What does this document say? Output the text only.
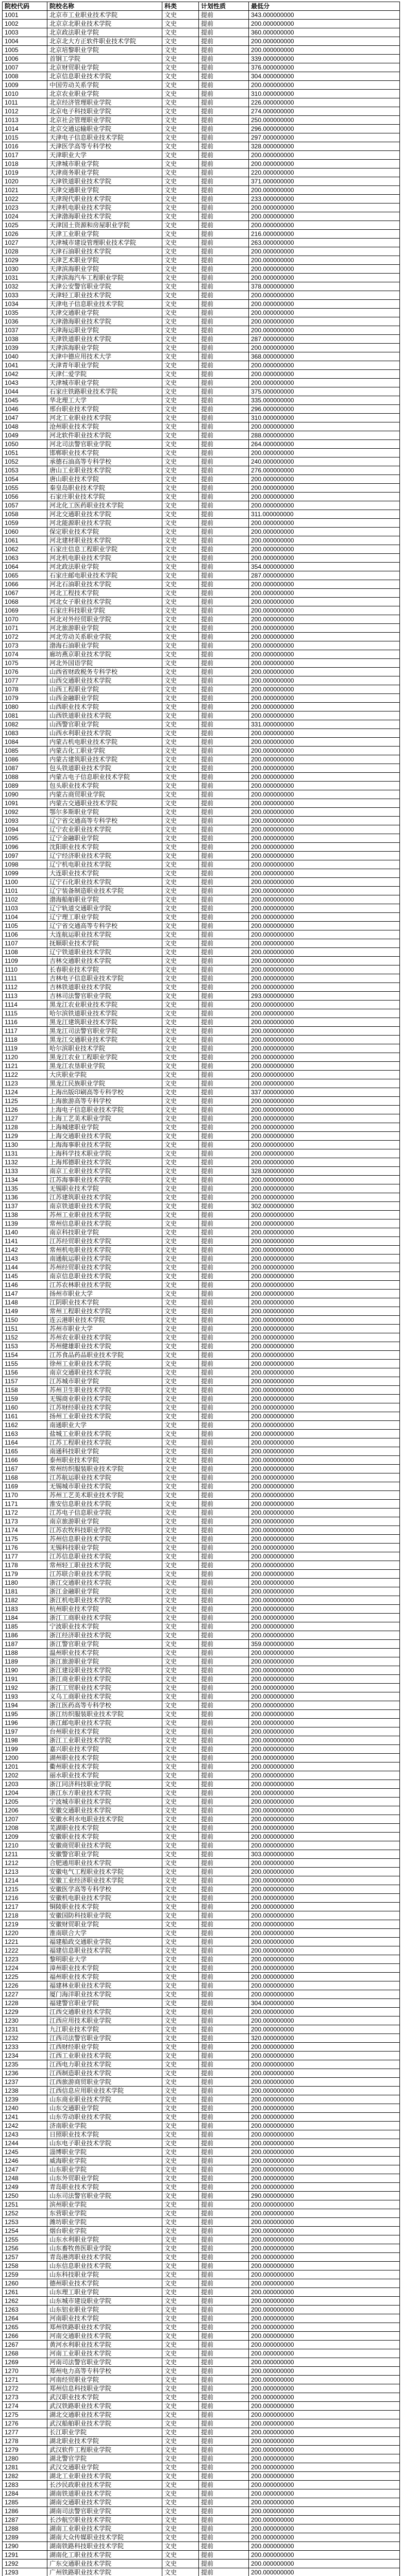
院校代码	院校名称	科类	计划性质	最低分
1001	北京市工业职业技术学院	文史	提前	343.000000000
1002	北京京北职业技术学院	文史	提前	200.000000000
1003	北京政法职业学院	文史	提前	360.000000000
1004	北京北大方正软件职业技术学院	文史	提前	200.000000000
1005	北京培黎职业学院	文史	提前	200.000000000
1006	首钢工学院	文史	提前	339.000000000
1007	北京财贸职业学院	文史	提前	376.000000000
1008	北京信息职业技术学院	文史	提前	304.000000000
1009	中国劳动关系学院	文史	提前	200.000000000
1010	北京农业职业学院	文史	提前	310.000000000
1011	北京经济管理职业学院	文史	提前	226.000000000
1012	北京电子科技职业学院	文史	提前	274.000000000
1013	北京社会管理职业学院	文史	提前	250.000000000
1014	北京交通运输职业学院	文史	提前	296.000000000
1015	天津电子信息职业技术学院	文史	提前	297.000000000
1016	天津医学高等专科学校	文史	提前	328.000000000
1017	天津职业大学	文史	提前	200.000000000
1018	天津城市职业学院	文史	提前	200.000000000
1019	天津商务职业学院	文史	提前	220.000000000
1020	天津铁道职业技术学院	文史	提前	371.000000000
1021	天津交通职业学院	文史	提前	200.000000000
1022	天津现代职业技术学院	文史	提前	233.000000000
1023	天津机电职业技术学院	文史	提前	200.000000000
1024	天津渤海职业技术学院	文史	提前	200.000000000
1025	天津国土资源和房屋职业学院	文史	提前	200.000000000
1026	天津工业职业学院	文史	提前	216.000000000
1027	天津城市建设管理职业技术学院	文史	提前	263.000000000
1028	天津石油职业技术学院	文史	提前	200.000000000
1029	天津艺术职业学院	文史	提前	200.000000000
1030	天津滨海职业学院	文史	提前	200.000000000
1031	天津滨海汽车工程职业学院	文史	提前	200.000000000
1032	天津公安警官职业学院	文史	提前	378.000000000
1033	天津轻工职业技术学院	文史	提前	200.000000000
1034	天津电子信息职业技术学院	文史	提前	200.000000000
1035	天津交通职业学院	文史	提前	200.000000000
1036	天津渤海职业技术学院	文史	提前	200.000000000
1037	天津海运职业学院	文史	提前	200.000000000
1038	天津铁道职业技术学院	文史	提前	287.000000000
1039	天津滨海职业学院	文史	提前	200.000000000
1040	天津中德应用技术大学	文史	提前	368.000000000
1041	天津青年职业学院	文史	提前	200.000000000
1042	天津仁爱学院	文史	提前	200.000000000
1043	天津城市职业学院	文史	提前	200.000000000
1044	石家庄铁路职业技术学院	文史	提前	375.000000000
1045	华北理工大学	文史	提前	335.000000000
1046	邢台职业技术学院	文史	提前	296.000000000
1047	河北工业职业技术学院	文史	提前	310.000000000
1048	沧州职业技术学院	文史	提前	200.000000000
1049	河北软件职业技术学院	文史	提前	288.000000000
1050	河北司法警官职业学院	文史	提前	264.000000000
1051	邯郸职业技术学院	文史	提前	200.000000000
1052	承德石油高等专科学校	文史	提前	240.000000000
1053	唐山工业职业技术学院	文史	提前	276.000000000
1054	唐山职业技术学院	文史	提前	200.000000000
1055	秦皇岛职业技术学院	文史	提前	200.000000000
1056	石家庄职业技术学院	文史	提前	200.000000000
1057	河北化工医药职业技术学院	文史	提前	200.000000000
1058	河北交通职业技术学院	文史	提前	311.000000000
1059	河北能源职业技术学院	文史	提前	200.000000000
1060	保定职业技术学院	文史	提前	200.000000000
1061	河北建材职业技术学院	文史	提前	200.000000000
1062	石家庄信息工程职业学院	文史	提前	200.000000000
1063	河北机电职业技术学院	文史	提前	200.000000000
1064	河北政法职业学院	文史	提前	354.000000000
1065	石家庄邮电职业技术学院	文史	提前	287.000000000
1066	河北石油职业技术学院	文史	提前	200.000000000
1067	河北工程技术学院	文史	提前	200.000000000
1068	河北女子职业技术学院	文史	提前	200.000000000
1069	石家庄科技职业学院	文史	提前	200.000000000
1070	河北对外经贸职业学院	文史	提前	200.000000000
1071	河北旅游职业学院	文史	提前	200.000000000
1072	河北劳动关系职业学院	文史	提前	200.000000000
1073	渤海石油职业学院	文史	提前	200.000000000
1074	廊坊燕京职业技术学院	文史	提前	200.000000000
1075	河北外国语学院	文史	提前	200.000000000
1076	山西省财政税务专科学校	文史	提前	200.000000000
1077	山西交通职业技术学院	文史	提前	200.000000000
1078	山西工程职业学院	文史	提前	200.000000000
1079	山西金融职业学院	文史	提前	200.000000000
1080	山西职业技术学院	文史	提前	200.000000000
1081	山西铁道职业技术学院	文史	提前	200.000000000
1082	山西警官职业学院	文史	提前	331.000000000
1083	山西水利职业技术学院	文史	提前	200.000000000
1084	内蒙古机电职业技术学院	文史	提前	200.000000000
1085	内蒙古化工职业学院	文史	提前	200.000000000
1086	内蒙古建筑职业技术学院	文史	提前	200.000000000
1087	包头铁道职业技术学院	文史	提前	200.000000000
1088	内蒙古电子信息职业技术学院	文史	提前	200.000000000
1089	包头职业技术学院	文史	提前	200.000000000
1090	内蒙古商贸职业学院	文史	提前	200.000000000
1091	内蒙古交通职业技术学院	文史	提前	200.000000000
1092	鄂尔多斯职业学院	文史	提前	200.000000000
1093	辽宁省交通高等专科学校	文史	提前	200.000000000
1094	辽宁农业职业技术学院	文史	提前	200.000000000
1095	辽宁金融职业学院	文史	提前	200.000000000
1096	沈阳职业技术学院	文史	提前	200.000000000
1097	辽宁经济职业技术学院	文史	提前	200.000000000
1098	辽宁机电职业技术学院	文史	提前	200.000000000
1099	大连职业技术学院	文史	提前	200.000000000
1100	辽宁石化职业技术学院	文史	提前	200.000000000
1101	辽宁装备制造职业技术学院	文史	提前	200.000000000
1102	渤海船舶职业学院	文史	提前	200.000000000
1103	辽宁轨道交通职业学院	文史	提前	200.000000000
1104	辽宁理工职业学院	文史	提前	200.000000000
1105	辽宁省交通高等专科学校	文史	提前	200.000000000
1106	大连航运职业技术学院	文史	提前	200.000000000
1107	抚顺职业技术学院	文史	提前	200.000000000
1108	辽宁铁道职业技术学院	文史	提前	200.000000000
1109	吉林交通职业技术学院	文史	提前	200.000000000
1110	长春职业技术学院	文史	提前	200.000000000
1111	吉林电子信息职业技术学院	文史	提前	200.000000000
1112	吉林铁道职业技术学院	文史	提前	200.000000000
1113	吉林司法警官职业学院	文史	提前	293.000000000
1114	黑龙江农业职业技术学院	文史	提前	200.000000000
1115	哈尔滨铁道职业技术学院	文史	提前	200.000000000
1116	黑龙江建筑职业技术学院	文史	提前	200.000000000
1117	黑龙江司法警官职业学院	文史	提前	200.000000000
1118	黑龙江交通职业技术学院	文史	提前	200.000000000
1119	哈尔滨职业技术学院	文史	提前	200.000000000
1120	黑龙江农业工程职业学院	文史	提前	200.000000000
1121	黑龙江农垦职业学院	文史	提前	200.000000000
1122	大庆职业学院	文史	提前	200.000000000
1123	黑龙江民族职业学院	文史	提前	200.000000000
1124	上海出版印刷高等专科学校	文史	提前	337.000000000
1125	上海旅游高等专科学校	文史	提前	200.000000000
1126	上海电子信息职业技术学院	文史	提前	200.000000000
1127	上海工艺美术职业学院	文史	提前	200.000000000
1128	上海城建职业学院	文史	提前	200.000000000
1129	上海交通职业技术学院	文史	提前	200.000000000
1130	上海海事职业技术学院	文史	提前	200.000000000
1131	上海科学技术职业学院	文史	提前	200.000000000
1132	上海邦德职业技术学院	文史	提前	200.000000000
1133	南京工业职业技术学院	文史	提前	328.000000000
1134	江苏海事职业技术学院	文史	提前	200.000000000
1135	无锡职业技术学院	文史	提前	200.000000000
1136	江苏建筑职业技术学院	文史	提前	200.000000000
1137	南京铁道职业技术学院	文史	提前	302.000000000
1138	苏州工业职业技术学院	文史	提前	200.000000000
1139	常州信息职业技术学院	文史	提前	200.000000000
1140	南京科技职业学院	文史	提前	200.000000000
1141	江苏经贸职业技术学院	文史	提前	200.000000000
1142	常州机电职业技术学院	文史	提前	200.000000000
1143	南通航运职业技术学院	文史	提前	200.000000000
1144	苏州经贸职业技术学院	文史	提前	200.000000000
1145	南京信息职业技术学院	文史	提前	200.000000000
1146	江苏农林职业技术学院	文史	提前	200.000000000
1147	扬州市职业大学	文史	提前	200.000000000
1148	江阴职业技术学院	文史	提前	200.000000000
1149	常州工程职业技术学院	文史	提前	200.000000000
1150	连云港职业技术学院	文史	提前	200.000000000
1151	苏州市职业大学	文史	提前	200.000000000
1152	苏州农业职业技术学院	文史	提前	200.000000000
1153	苏州健雄职业技术学院	文史	提前	200.000000000
1154	江苏食品药品职业技术学院	文史	提前	200.000000000
1155	徐州工业职业技术学院	文史	提前	200.000000000
1156	南京交通职业技术学院	文史	提前	200.000000000
1157	江苏城市职业学院	文史	提前	200.000000000
1158	苏州卫生职业技术学院	文史	提前	200.000000000
1159	无锡商业职业技术学院	文史	提前	200.000000000
1160	江苏财经职业技术学院	文史	提前	200.000000000
1161	扬州工业职业技术学院	文史	提前	200.000000000
1162	南通职业大学	文史	提前	200.000000000
1163	盐城工业职业技术学院	文史	提前	200.000000000
1164	江苏工程职业技术学院	文史	提前	200.000000000
1165	南通科技职业学院	文史	提前	200.000000000
1166	泰州职业技术学院	文史	提前	200.000000000
1167	常州纺织服装职业技术学院	文史	提前	200.000000000
1168	江苏航运职业技术学院	文史	提前	200.000000000
1169	无锡城市职业技术学院	文史	提前	200.000000000
1170	苏州工艺美术职业技术学院	文史	提前	200.000000000
1171	淮安信息职业技术学院	文史	提前	200.000000000
1172	江苏电子信息职业学院	文史	提前	200.000000000
1173	南京旅游职业学院	文史	提前	200.000000000
1174	江苏农牧科技职业学院	文史	提前	200.000000000
1175	苏州信息职业技术学院	文史	提前	200.000000000
1176	无锡科技职业学院	文史	提前	200.000000000
1177	江苏信息职业技术学院	文史	提前	200.000000000
1178	常州轻工职业技术学院	文史	提前	200.000000000
1179	江苏联合职业技术学院	文史	提前	200.000000000
1180	浙江交通职业技术学院	文史	提前	200.000000000
1181	浙江金融职业学院	文史	提前	200.000000000
1182	浙江机电职业技术学院	文史	提前	200.000000000
1183	杭州职业技术学院	文史	提前	200.000000000
1184	浙江工商职业技术学院	文史	提前	200.000000000
1185	宁波职业技术学院	文史	提前	200.000000000
1186	浙江经济职业技术学院	文史	提前	200.000000000
1187	浙江警官职业学院	文史	提前	359.000000000
1188	温州职业技术学院	文史	提前	200.000000000
1189	浙江旅游职业学院	文史	提前	200.000000000
1190	浙江建设职业技术学院	文史	提前	200.000000000
1191	浙江商业职业技术学院	文史	提前	200.000000000
1192	浙江工贸职业技术学院	文史	提前	200.000000000
1193	义乌工商职业技术学院	文史	提前	200.000000000
1194	浙江医药高等专科学校	文史	提前	200.000000000
1195	浙江纺织服装职业技术学院	文史	提前	200.000000000
1196	浙江邮电职业技术学院	文史	提前	200.000000000
1197	台州职业技术学院	文史	提前	200.000000000
1198	浙江工业职业技术学院	文史	提前	200.000000000
1199	嘉兴职业技术学院	文史	提前	200.000000000
1200	湖州职业技术学院	文史	提前	200.000000000
1201	衢州职业技术学院	文史	提前	200.000000000
1202	丽水职业技术学院	文史	提前	200.000000000
1203	浙江同济科技职业学院	文史	提前	200.000000000
1204	浙江东方职业技术学院	文史	提前	200.000000000
1205	宁波城市职业技术学院	文史	提前	200.000000000
1206	安徽交通职业技术学院	文史	提前	200.000000000
1207	安徽水利水电职业技术学院	文史	提前	200.000000000
1208	芜湖职业技术学院	文史	提前	200.000000000
1209	安徽职业技术学院	文史	提前	200.000000000
1210	安徽商贸职业技术学院	文史	提前	200.000000000
1211	安徽警官职业学院	文史	提前	303.000000000
1212	合肥通用职业技术学院	文史	提前	200.000000000
1213	安徽电气工程职业技术学院	文史	提前	200.000000000
1214	安徽工业经济职业技术学院	文史	提前	200.000000000
1215	安徽医学高等专科学校	文史	提前	200.000000000
1216	安徽机电职业技术学院	文史	提前	200.000000000
1217	铜陵职业技术学院	文史	提前	200.000000000
1218	安徽国防科技职业学院	文史	提前	200.000000000
1219	安徽财贸职业学院	文史	提前	200.000000000
1220	淮南联合大学	文史	提前	200.000000000
1221	福建船政交通职业学院	文史	提前	200.000000000
1222	福建信息职业技术学院	文史	提前	200.000000000
1223	黎明职业大学	文史	提前	200.000000000
1224	漳州职业技术学院	文史	提前	200.000000000
1225	福州职业技术学院	文史	提前	200.000000000
1226	福建林业职业技术学院	文史	提前	200.000000000
1227	厦门海洋职业技术学院	文史	提前	200.000000000
1228	福建警官职业学院	文史	提前	304.000000000
1229	江西交通职业技术学院	文史	提前	200.000000000
1230	江西应用技术职业学院	文史	提前	200.000000000
1231	九江职业技术学院	文史	提前	200.000000000
1232	江西司法警官职业学院	文史	提前	320.000000000
1233	江西财经职业学院	文史	提前	200.000000000
1234	江西工业职业技术学院	文史	提前	200.000000000
1235	江西电力职业技术学院	文史	提前	200.000000000
1236	江西制造职业技术学院	文史	提前	200.000000000
1237	江西旅游商贸职业学院	文史	提前	200.000000000
1238	江西信息应用职业技术学院	文史	提前	200.000000000
1239	山东商业职业技术学院	文史	提前	200.000000000
1240	山东交通职业学院	文史	提前	200.000000000
1241	山东劳动职业技术学院	文史	提前	200.000000000
1242	济南职业学院	文史	提前	200.000000000
1243	日照职业技术学院	文史	提前	200.000000000
1244	山东电子职业技术学院	文史	提前	200.000000000
1245	淄博职业学院	文史	提前	200.000000000
1246	威海职业学院	文史	提前	200.000000000
1247	山东职业学院	文史	提前	200.000000000
1248	山东外贸职业学院	文史	提前	200.000000000
1249	青岛职业技术学院	文史	提前	200.000000000
1250	山东司法警官职业学院	文史	提前	290.000000000
1251	滨州职业学院	文史	提前	200.000000000
1252	东营职业学院	文史	提前	200.000000000
1253	潍坊职业学院	文史	提前	200.000000000
1254	烟台职业学院	文史	提前	200.000000000
1255	山东水利职业学院	文史	提前	200.000000000
1256	山东畜牧兽医职业学院	文史	提前	200.000000000
1257	青岛港湾职业技术学院	文史	提前	200.000000000
1258	山东信息职业技术学院	文史	提前	200.000000000
1259	山东科技职业学院	文史	提前	200.000000000
1260	德州职业技术学院	文史	提前	200.000000000
1261	山东理工职业学院	文史	提前	200.000000000
1262	山东城市建设职业学院	文史	提前	200.000000000
1263	山东铝业职业学院	文史	提前	200.000000000
1264	河南职业技术学院	文史	提前	200.000000000
1265	郑州铁路职业技术学院	文史	提前	200.000000000
1266	河南交通职业技术学院	文史	提前	200.000000000
1267	黄河水利职业技术学院	文史	提前	200.000000000
1268	河南工业职业技术学院	文史	提前	200.000000000
1269	河南司法警官职业学院	文史	提前	200.000000000
1270	郑州电力高等专科学校	文史	提前	200.000000000
1271	河南经贸职业学院	文史	提前	200.000000000
1272	郑州信息科技职业学院	文史	提前	200.000000000
1273	武汉职业技术学院	文史	提前	200.000000000
1274	武汉铁路职业技术学院	文史	提前	200.000000000
1275	湖北交通职业技术学院	文史	提前	200.000000000
1276	武汉船舶职业技术学院	文史	提前	200.000000000
1277	长江职业学院	文史	提前	200.000000000
1278	湖北职业技术学院	文史	提前	200.000000000
1279	武汉软件工程职业学院	文史	提前	200.000000000
1280	湖北警官学院	文史	提前	200.000000000
1281	武汉交通职业学院	文史	提前	200.000000000
1282	湖北工业职业技术学院	文史	提前	200.000000000
1283	长沙民政职业技术学院	文史	提前	200.000000000
1284	湖南铁道职业技术学院	文史	提前	200.000000000
1285	湖南交通职业技术学院	文史	提前	200.000000000
1286	湖南司法警官职业学院	文史	提前	200.000000000
1287	长沙航空职业技术学院	文史	提前	200.000000000
1288	湖南工业职业技术学院	文史	提前	200.000000000
1289	湖南大众传媒职业技术学院	文史	提前	200.000000000
1290	湖南铁路科技职业技术学院	文史	提前	200.000000000
1291	湖南化工职业技术学院	文史	提前	200.000000000
1292	广东交通职业技术学院	文史	提前	200.000000000
1293	广州铁路职业技术学院	文史	提前	200.000000000
